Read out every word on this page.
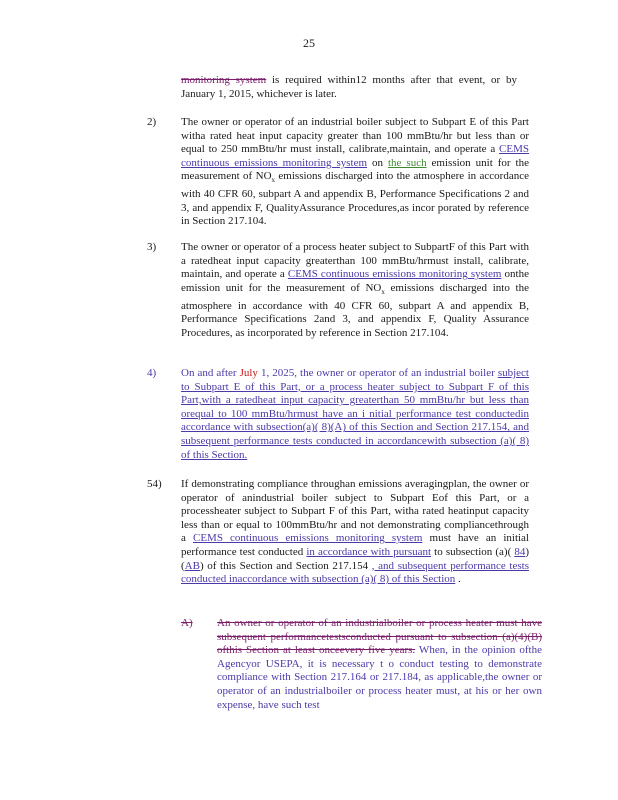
25

monitoring system is required within12 months after that event, or by January 1, 2015, whichever is later.

2) The owner or operator of an industrial boiler subject to Subpart E of this Part witha rated heat input capacity greater than 100 mmBtu/hr but less than or equal to 250 mmBtu/hr must install, calibrate,maintain, and operate a CEMS continuous emissions monitoring system on the such emission unit for the measurement of $NO_x$ emissions discharged into the atmosphere in accordance with 40 CFR 60, subpart A and appendix B, Performance Specifications 2 and 3, and appendix F, QualityAssurance Procedures,as incor porated by reference in Section 217.104.

3) The owner or operator of a process heater subject to SubpartF of this Part with a ratedheat input capacity greaterthan 100 mmBtu/hrmust install, calibrate, maintain, and operate a CEMS continuous emissions monitoring system onthe emission unit for the measurement of $NO_x$ emissions discharged into the atmosphere in accordance with 40 CFR 60, subpart A and appendix B, Performance Specifications 2and 3, and appendix F, Quality Assurance Procedures, as incorporated by reference in Section 217.104.

4) On and after July 1, 2025, the owner or operator of an industrial boiler subject to Subpart E of this Part, or a process heater subject to Subpart F of this Part,with a ratedheat input capacity greaterthan 50 mmBtu/hr but less than orequal to 100 mmBtu/hrmust have an i nitial performance test conductedin accordance with subsection(a)( 8)(A) of this Section and Section 217.154, and subsequent performance tests conducted in accordancewith subsection (a)( 8) of this Section.

54) If demonstrating compliance throughan emissions averagingplan, the owner or operator of anindustrial boiler subject to Subpart Eof this Part, or a processheater subject to Subpart F of this Part, witha rated heatinput capacity less than or equal to 100mmBtu/hr and not demonstrating compliancethrough a CEMS continuous emissions monitoring system must have an initial performance test conducted in accordance with pursuant to subsection (a)( 84)(AB) of this Section and Section 217.154 , and subsequent performance tests conducted inaccordance with subsection (a)( 8) of this Section .

A) An owner or operator of an industrialboiler or process heater must have subsequent performancetestsconducted pursuant to subsection (a)(4)(B) ofthis Section at least onceevery five years. When, in the opinion ofthe Agencyor USEPA, it is necessary t o conduct testing to demonstrate compliance with Section 217.164 or 217.184, as applicable,the owner or operator of an industrialboiler or process heater must, at his or her own expense, have such test
